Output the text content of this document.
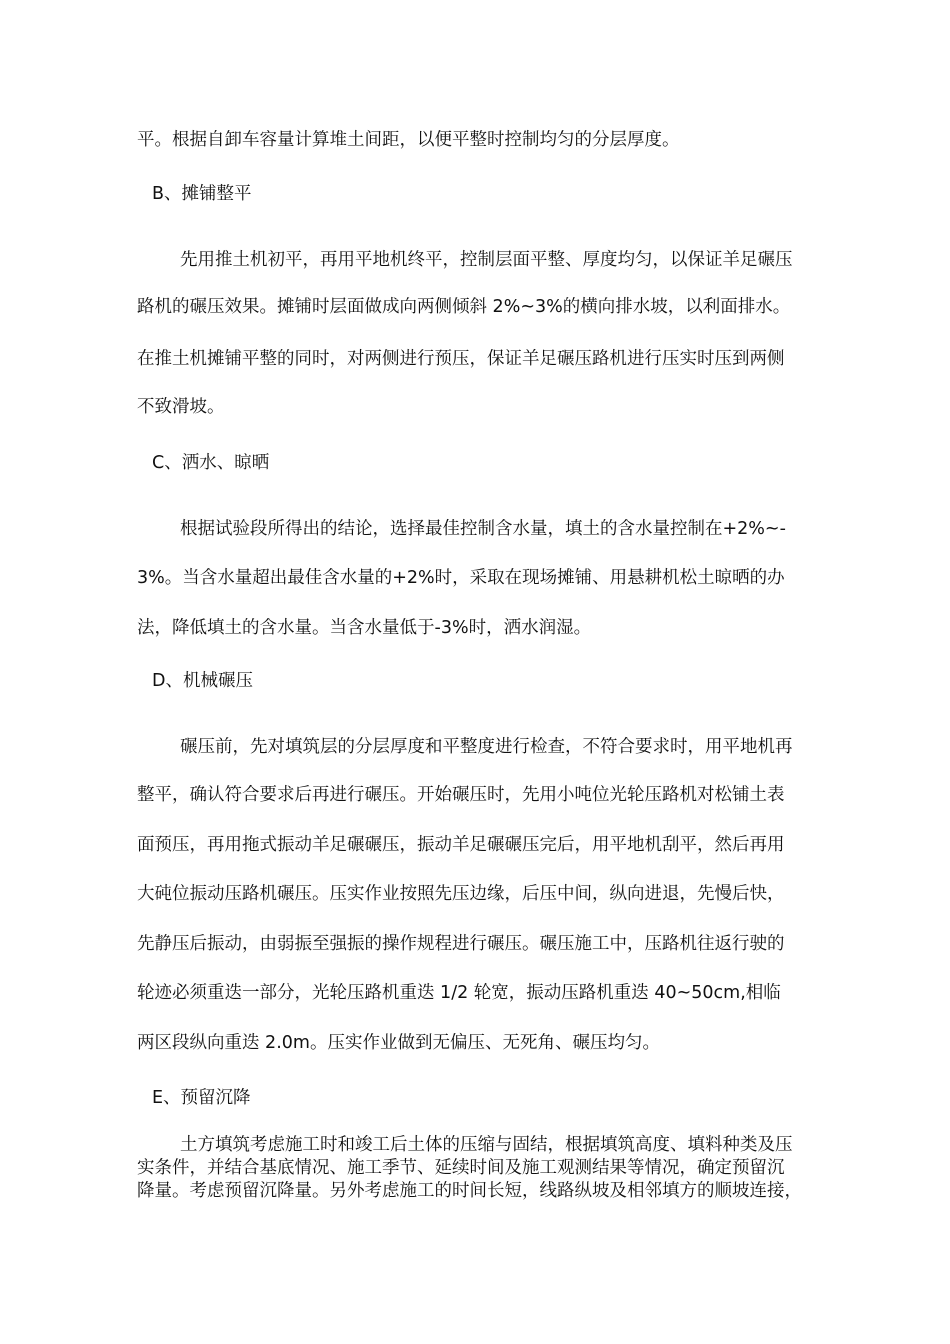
平。根据自卸车容量计算堆土间距，以便平整时控制均匀的分层厚度。
B、摊铺整平
先用推土机初平，再用平地机终平，控制层面平整、厚度均匀，以保证羊足碾压
路机的碾压效果。摊铺时层面做成向两侧倾斜 2%~3%的横向排水坡，以利面排水。
在推土机摊铺平整的同时，对两侧进行预压，保证羊足碾压路机进行压实时压到两侧
不致滑坡。
C、洒水、晾晒
根据试验段所得出的结论，选择最佳控制含水量，填土的含水量控制在+2%~-
3%。当含水量超出最佳含水量的+2%时，采取在现场摊铺、用悬耕机松土晾晒的办
法，降低填土的含水量。当含水量低于-3%时，洒水润湿。
D、机械碾压
碾压前，先对填筑层的分层厚度和平整度进行检查，不符合要求时，用平地机再
整平，确认符合要求后再进行碾压。开始碾压时，先用小吨位光轮压路机对松铺土表
面预压，再用拖式振动羊足碾碾压，振动羊足碾碾压完后，用平地机刮平，然后再用
大砘位振动压路机碾压。压实作业按照先压边缘，后压中间，纵向进退，先慢后快，
先静压后振动，由弱振至强振的操作规程进行碾压。碾压施工中，压路机往返行驶的
轮迹必须重迭一部分，光轮压路机重迭 1/2 轮宽，振动压路机重迭 40~50cm,相临
两区段纵向重迭 2.0m。压实作业做到无偏压、无死角、碾压均匀。
E、预留沉降
土方填筑考虑施工时和竣工后土体的压缩与固结，根据填筑高度、填料种类及压
实条件，并结合基底情况、施工季节、延续时间及施工观测结果等情况，确定预留沉
降量。考虑预留沉降量。另外考虑施工的时间长短，线路纵坡及相邻填方的顺坡连接，
